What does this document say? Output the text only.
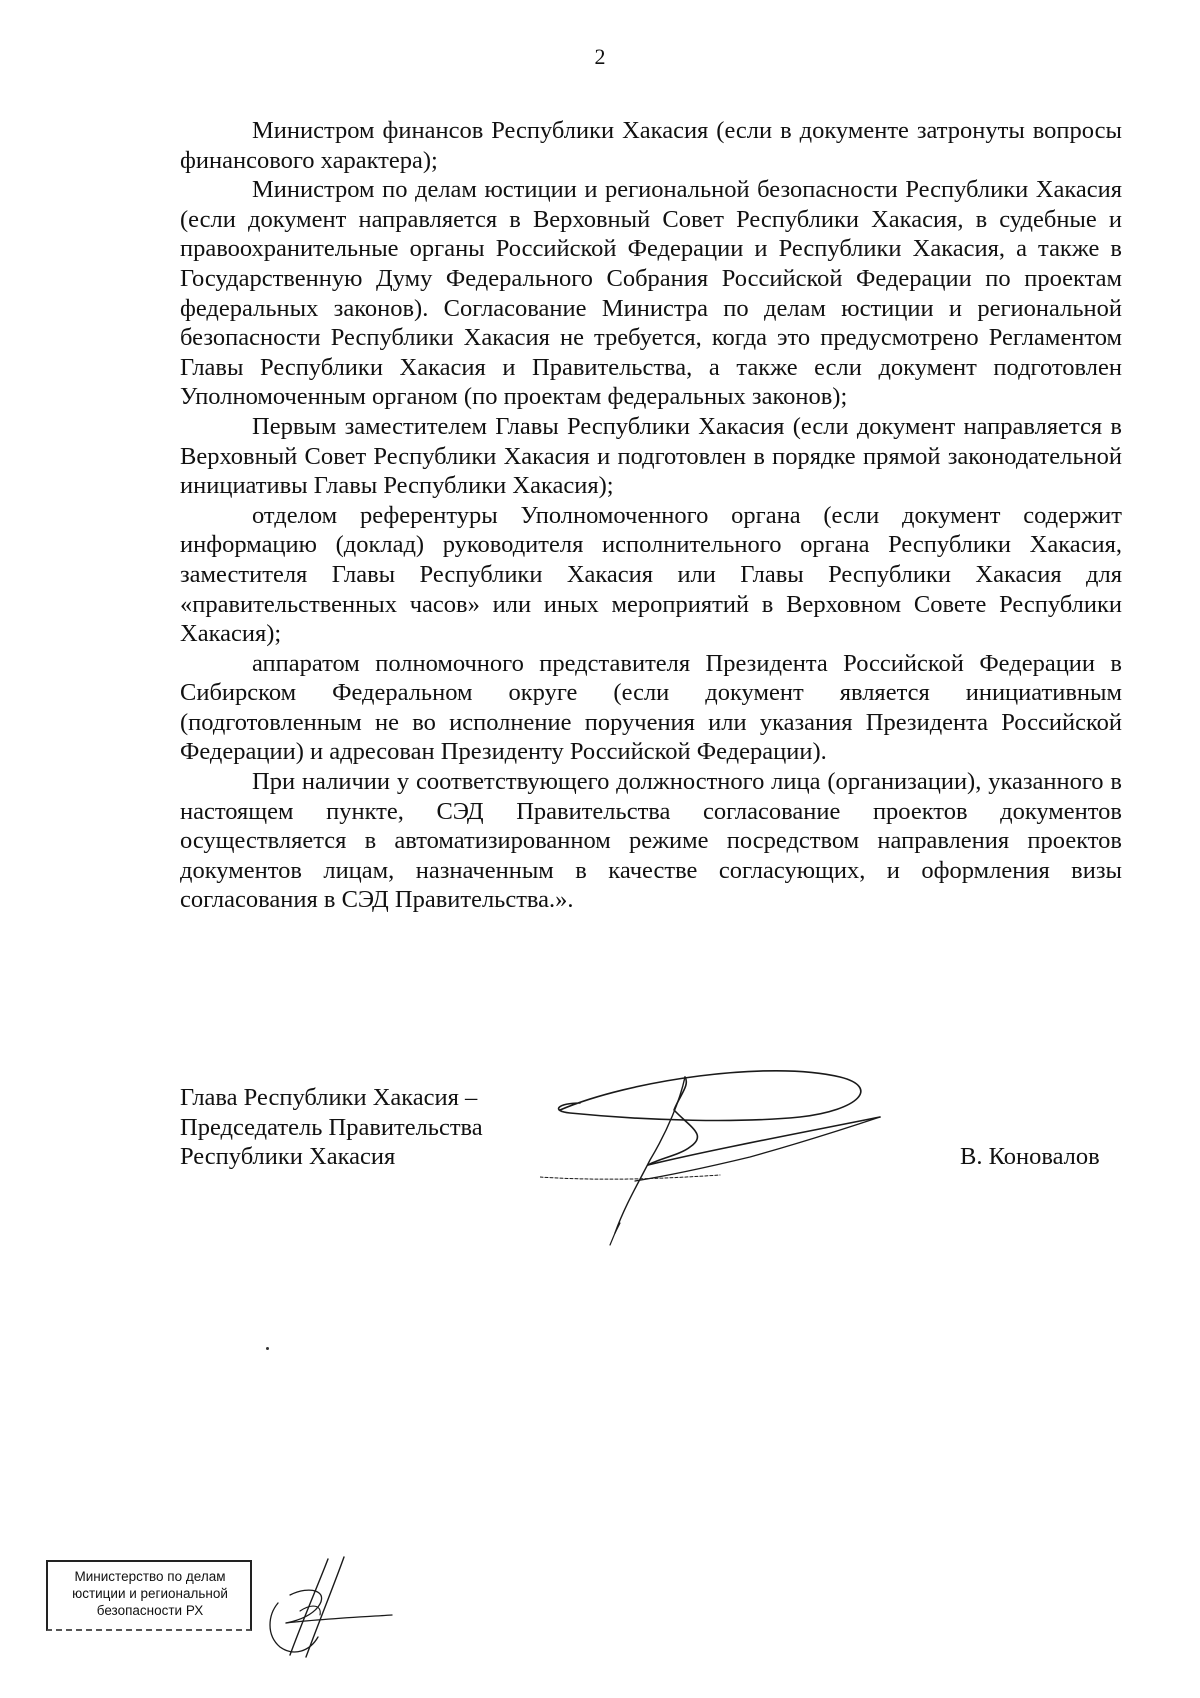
2

Министром финансов Республики Хакасия (если в документе затронуты вопросы финансового характера);

Министром по делам юстиции и региональной безопасности Республики Хакасия (если документ направляется в Верховный Совет Республики Хакасия, в судебные и правоохранительные органы Российской Федерации и Республики Хакасия, а также в Государственную Думу Федерального Собрания Российской Федерации по проектам федеральных законов). Согласование Министра по делам юстиции и региональной безопасности Республики Хакасия не требуется, когда это предусмотрено Регламентом Главы Республики Хакасия и Правительства, а также если документ подготовлен Уполномоченным органом (по проектам федеральных законов);

Первым заместителем Главы Республики Хакасия (если документ направляется в Верховный Совет Республики Хакасия и подготовлен в порядке прямой законодательной инициативы Главы Республики Хакасия);

отделом референтуры Уполномоченного органа (если документ содержит информацию (доклад) руководителя исполнительного органа Республики Хакасия, заместителя Главы Республики Хакасия или Главы Республики Хакасия для «правительственных часов» или иных мероприятий в Верховном Совете Республики Хакасия);

аппаратом полномочного представителя Президента Российской Федерации в Сибирском Федеральном округе (если документ является инициативным (подготовленным не во исполнение поручения или указания Президента Российской Федерации) и адресован Президенту Российской Федерации).

При наличии у соответствующего должностного лица (организации), указанного в настоящем пункте, СЭД Правительства согласование проектов документов осуществляется в автоматизированном режиме посредством направления проектов документов лицам, назначенным в качестве согласующих, и оформления визы согласования в СЭД Правительства.».

Глава Республики Хакасия –
Председатель Правительства
Республики Хакасия	В. Коновалов
Министерство по делам
юстиции и региональной
безопасности РХ
